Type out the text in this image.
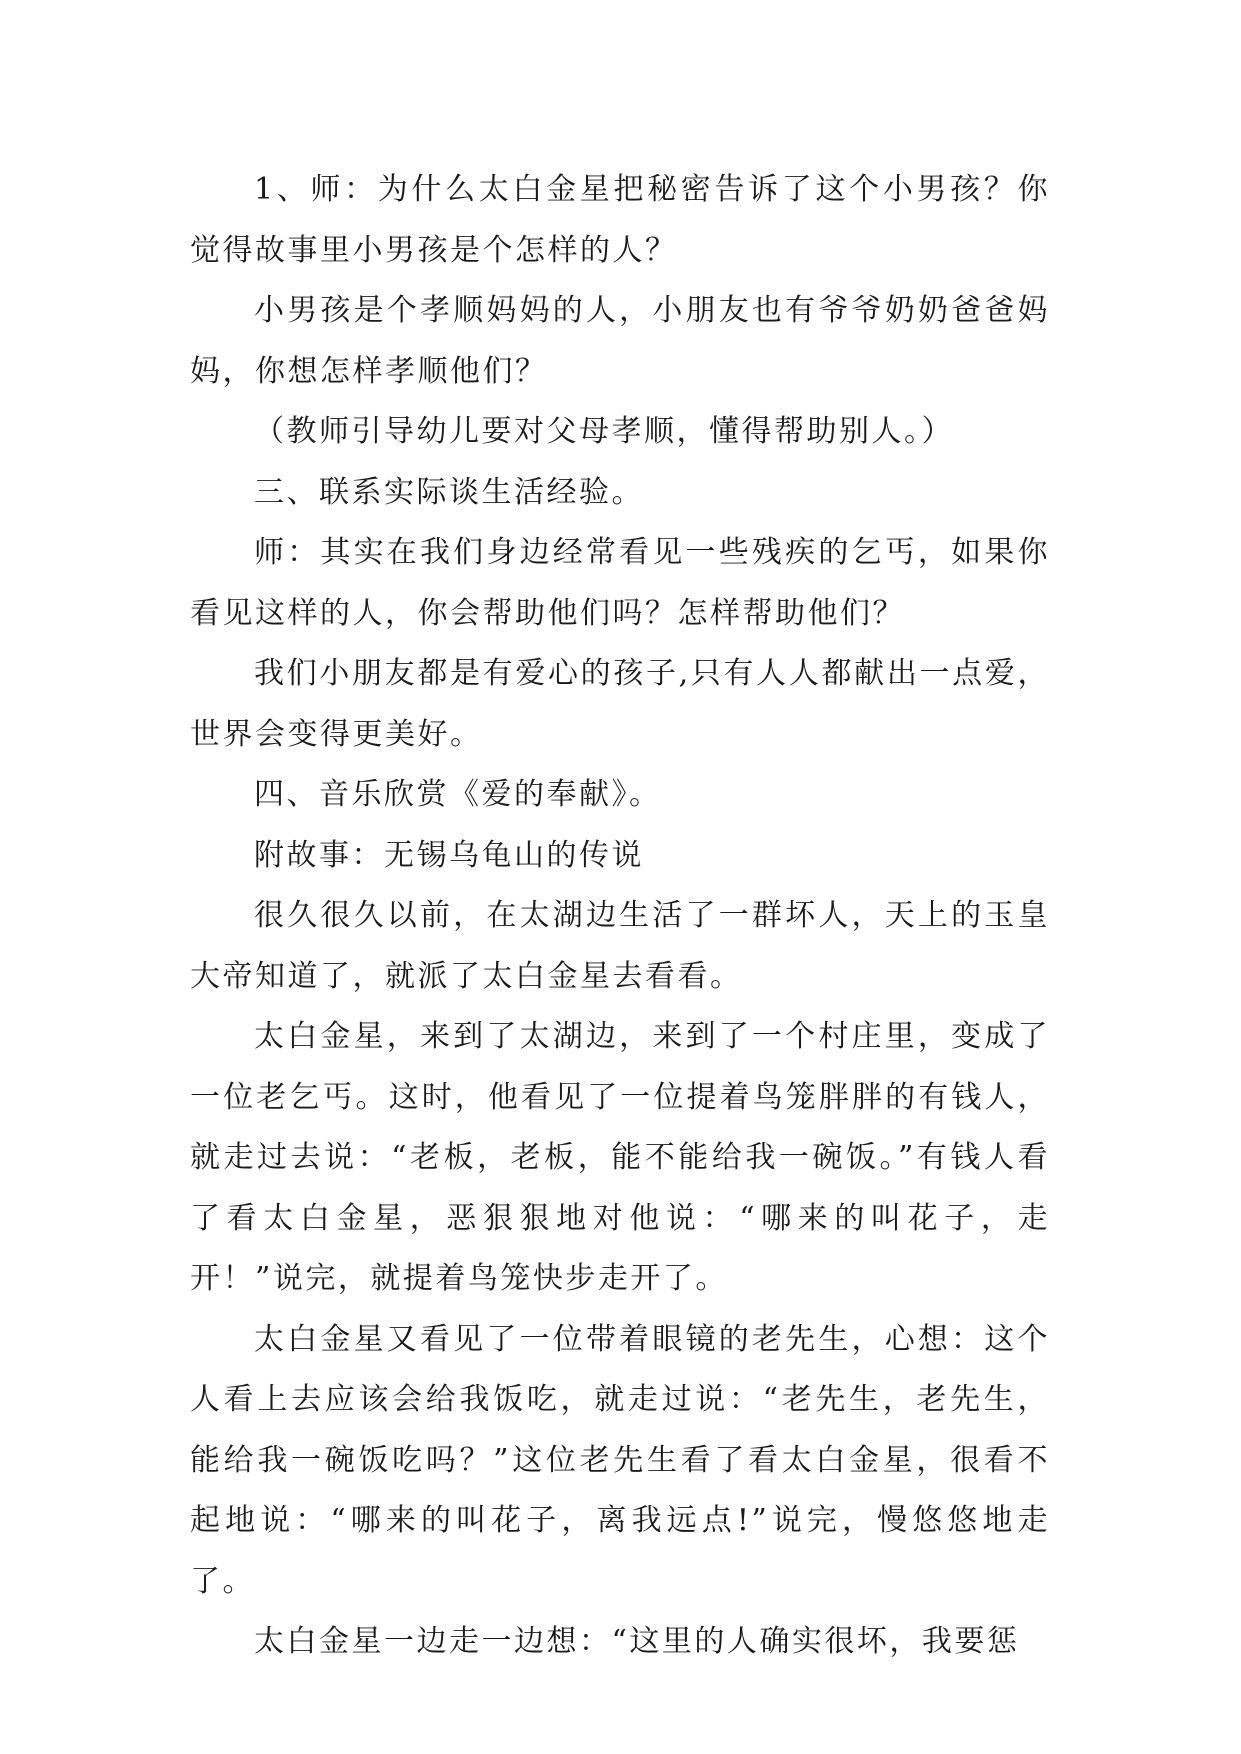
1、师：为什么太白金星把秘密告诉了这个小男孩？你觉得故事里小男孩是个怎样的人？

小男孩是个孝顺妈妈的人，小朋友也有爷爷奶奶爸爸妈妈，你想怎样孝顺他们？

（教师引导幼儿要对父母孝顺，懂得帮助别人。）

三、联系实际谈生活经验。

师：其实在我们身边经常看见一些残疾的乞丐，如果你看见这样的人，你会帮助他们吗？怎样帮助他们？

我们小朋友都是有爱心的孩子,只有人人都献出一点爱，世界会变得更美好。

四、音乐欣赏《爱的奉献》。

附故事：无锡乌龟山的传说

很久很久以前，在太湖边生活了一群坏人，天上的玉皇大帝知道了，就派了太白金星去看看。

太白金星，来到了太湖边，来到了一个村庄里，变成了一位老乞丐。这时，他看见了一位提着鸟笼胖胖的有钱人，就走过去说：“老板，老板，能不能给我一碗饭。”有钱人看了看太白金星，恶狠狠地对他说：“哪来的叫花子，走开！”说完，就提着鸟笼快步走开了。

太白金星又看见了一位带着眼镜的老先生，心想：这个人看上去应该会给我饭吃，就走过说：“老先生，老先生，能给我一碗饭吃吗？”这位老先生看了看太白金星，很看不起地说：“哪来的叫花子，离我远点!”说完，慢悠悠地走了。

太白金星一边走一边想：“这里的人确实很坏，我要惩
